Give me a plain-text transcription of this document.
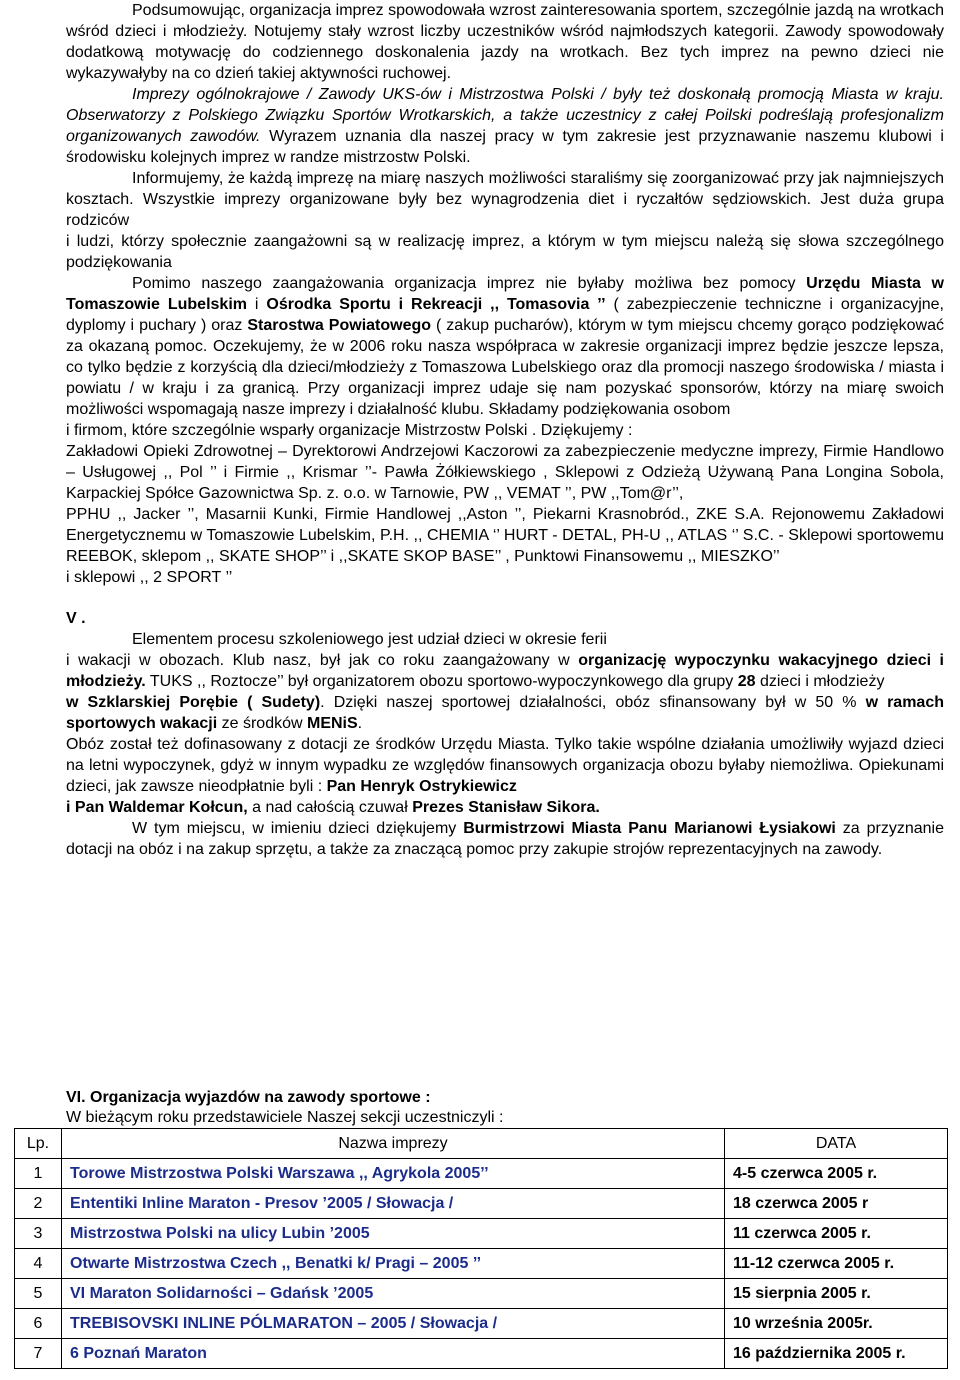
Podsumowując, organizacja imprez spowodowała wzrost zainteresowania sportem, szczególnie jazdą na wrotkach wśród dzieci i młodzieży. Notujemy stały wzrost liczby uczestników wśród najmłodszych kategorii. Zawody spowodowały dodatkową motywację do codziennego doskonalenia jazdy na wrotkach. Bez tych imprez na pewno dzieci nie wykazywałyby na co dzień takiej aktywności ruchowej.

Imprezy ogólnokrajowe / Zawody UKS-ów i Mistrzostwa Polski / były też doskonałą promocją Miasta w kraju. Obserwatorzy z Polskiego Związku Sportów Wrotkarskich, a także uczestnicy z całej Poilski podreślają profesjonalizm organizowanych zawodów. Wyrazem uznania dla naszej pracy w tym zakresie jest przyznawanie naszemu klubowi i środowisku kolejnych imprez w randze mistrzostw Polski.

Informujemy, że każdą imprezę na miarę naszych możliwości staraliśmy się zoorganizować przy jak najmniejszych kosztach. Wszystkie imprezy organizowane były bez wynagrodzenia diet i ryczałtów sędziowskich. Jest duża grupa rodziców

i ludzi, którzy społecznie zaangażowni są w realizację imprez, a którym w tym miejscu należą się słowa szczególnego podziękowania

Pomimo naszego zaangażowania organizacja imprez nie byłaby możliwa bez pomocy Urzędu Miasta w Tomaszowie Lubelskim i Ośrodka Sportu i Rekreacji ,, Tomasovia ’’ ( zabezpieczenie techniczne i organizacyjne, dyplomy i puchary ) oraz Starostwa Powiatowego ( zakup pucharów), którym w tym miejscu chcemy gorąco podziękować za okazaną pomoc. Oczekujemy, że w 2006 roku nasza współpraca w zakresie organizacji imprez będzie jeszcze lepsza, co tylko będzie z korzyścią dla dzieci/młodzieży z Tomaszowa Lubelskiego oraz dla promocji naszego środowiska / miasta i powiatu / w kraju i za granicą. Przy organizacji imprez udaje się nam pozyskać sponsorów, którzy na miarę swoich możliwości wspomagają nasze imprezy i działalność klubu. Składamy podziękowania osobom

i firmom, które szczególnie wsparły organizacje Mistrzostw Polski . Dziękujemy :

Zakładowi Opieki Zdrowotnej – Dyrektorowi Andrzejowi Kaczorowi za zabezpieczenie medyczne imprezy, Firmie Handlowo – Usługowej ,, Pol ’’ i Firmie ,, Krismar ’’- Pawła Żółkiewskiego , Sklepowi z Odzieżą Używaną Pana Longina Sobola, Karpackiej Spółce Gazownictwa Sp. z. o.o. w Tarnowie, PW ,, VEMAT ’’, PW ,,Tom@r’’,

PPHU ,, Jacker ’’, Masarnii Kunki, Firmie Handlowej ,,Aston ’’, Piekarni Krasnobród., ZKE S.A. Rejonowemu Zakładowi Energetycznemu w Tomaszowie Lubelskim, P.H. ,, CHEMIA ‘’ HURT - DETAL, PH-U ,, ATLAS ‘’ S.C. - Sklepowi sportowemu REEBOK, sklepom ,, SKATE SHOP’’ i ,,SKATE SKOP BASE’’ , Punktowi Finansowemu ,, MIESZKO’’

i sklepowi ,, 2 SPORT ’’

V .

Elementem procesu szkoleniowego jest udział dzieci w okresie ferii

i wakacji w obozach. Klub nasz, był jak co roku zaangażowany w organizację wypoczynku wakacyjnego dzieci i młodzieży. TUKS ,, Roztocze’’ był organizatorem obozu sportowo-wypoczynkowego dla grupy 28 dzieci i młodzieży

w Szklarskiej Porębie ( Sudety). Dzięki naszej sportowej działalności, obóz sfinansowany był w 50 % w ramach sportowych wakacji ze środków MENiS.

Obóz został też dofinasowany z dotacji ze środków Urzędu Miasta. Tylko takie wspólne działania umożliwiły wyjazd dzieci na letni wypoczynek, gdyż w innym wypadku ze względów finansowych organizacja obozu byłaby niemożliwa. Opiekunami dzieci, jak zawsze nieodpłatnie byli : Pan Henryk Ostrykiewicz

i Pan Waldemar Kołcun, a nad całością czuwał Prezes Stanisław Sikora.

W tym miejscu, w imieniu dzieci dziękujemy Burmistrzowi Miasta Panu Marianowi Łysiakowi za przyznanie dotacji na obóz i na zakup sprzętu, a także za znaczącą pomoc przy zakupie strojów reprezentacyjnych na zawody.

VI. Organizacja wyjazdów na zawody sportowe :
W bieżącym roku przedstawiciele Naszej sekcji uczestniczyli :
Lp.	Nazwa imprezy	DATA
1	Torowe Mistrzostwa Polski Warszawa ,, Agrykola 2005’’	4-5 czerwca 2005 r.
2	Ententiki Inline Maraton - Presov ’2005 / Słowacja /	18 czerwca 2005 r
3	Mistrzostwa Polski na ulicy Lubin ’2005	11 czerwca 2005 r.
4	Otwarte Mistrzostwa Czech ,, Benatki k/ Pragi – 2005 ’’	11-12 czerwca 2005 r.
5	VI Maraton Solidarności – Gdańsk ’2005	15 sierpnia 2005 r.
6	TREBISOVSKI INLINE PÓLMARATON – 2005 / Słowacja /	10 września 2005r.
7	6 Poznań Maraton	16 października 2005 r.
